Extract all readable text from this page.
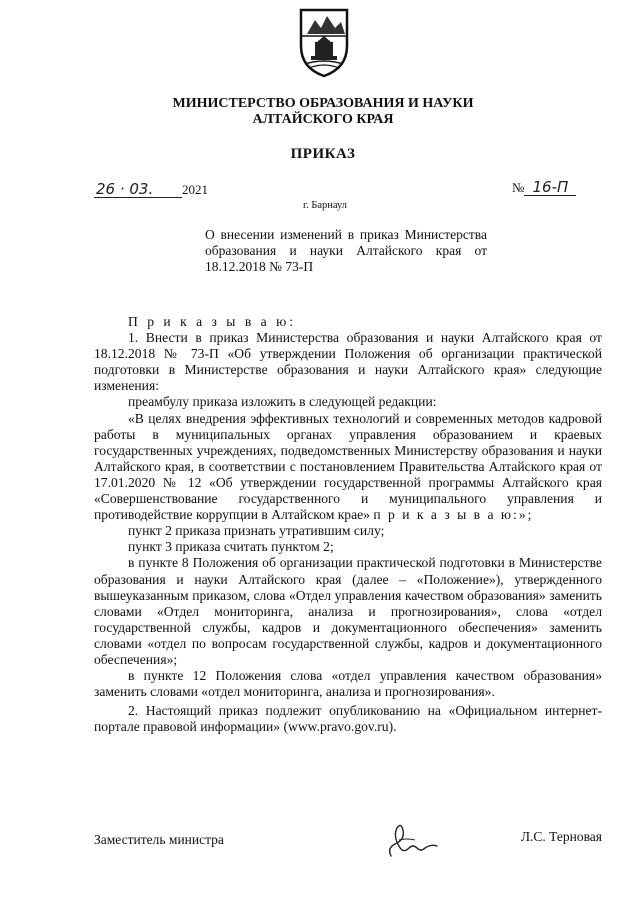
МИНИСТЕРСТВО ОБРАЗОВАНИЯ И НАУКИ
АЛТАЙСКОГО КРАЯ
ПРИКАЗ
26 · 03. 2021	№ 16-П
г. Барнаул
О внесении изменений в приказ Министерства образования и науки Алтайского края от 18.12.2018 № 73-П

П р и к а з ы в а ю:

1. Внести в приказ Министерства образования и науки Алтайского края от 18.12.2018 № 73-П «Об утверждении Положения об организации практической подготовки в Министерстве образования и науки Алтайского края» следующие изменения:

преамбулу приказа изложить в следующей редакции:

«В целях внедрения эффективных технологий и современных методов кадровой работы в муниципальных органах управления образованием и краевых государственных учреждениях, подведомственных Министерству образования и науки Алтайского края, в соответствии с постановлением Правительства Алтайского края от 17.01.2020 № 12 «Об утверждении государственной программы Алтайского края «Совершенствование государственного и муниципального управления и противодействие коррупции в Алтайском крае» п р и к а з ы в а ю:»;

пункт 2 приказа признать утратившим силу;

пункт 3 приказа считать пунктом 2;

в пункте 8 Положения об организации практической подготовки в Министерстве образования и науки Алтайского края (далее – «Положение»), утвержденного вышеуказанным приказом, слова «Отдел управления качеством образования» заменить словами «Отдел мониторинга, анализа и прогнозирования», слова «отдел государственной службы, кадров и документационного обеспечения» заменить словами «отдел по вопросам государственной службы, кадров и документационного обеспечения»;

в пункте 12 Положения слова «отдел управления качеством образования» заменить словами «отдел мониторинга, анализа и прогнозирования».

2. Настоящий приказ подлежит опубликованию на «Официальном интернет-портале правовой информации» (www.pravo.gov.ru).

Заместитель министра	Л.С. Терновая
